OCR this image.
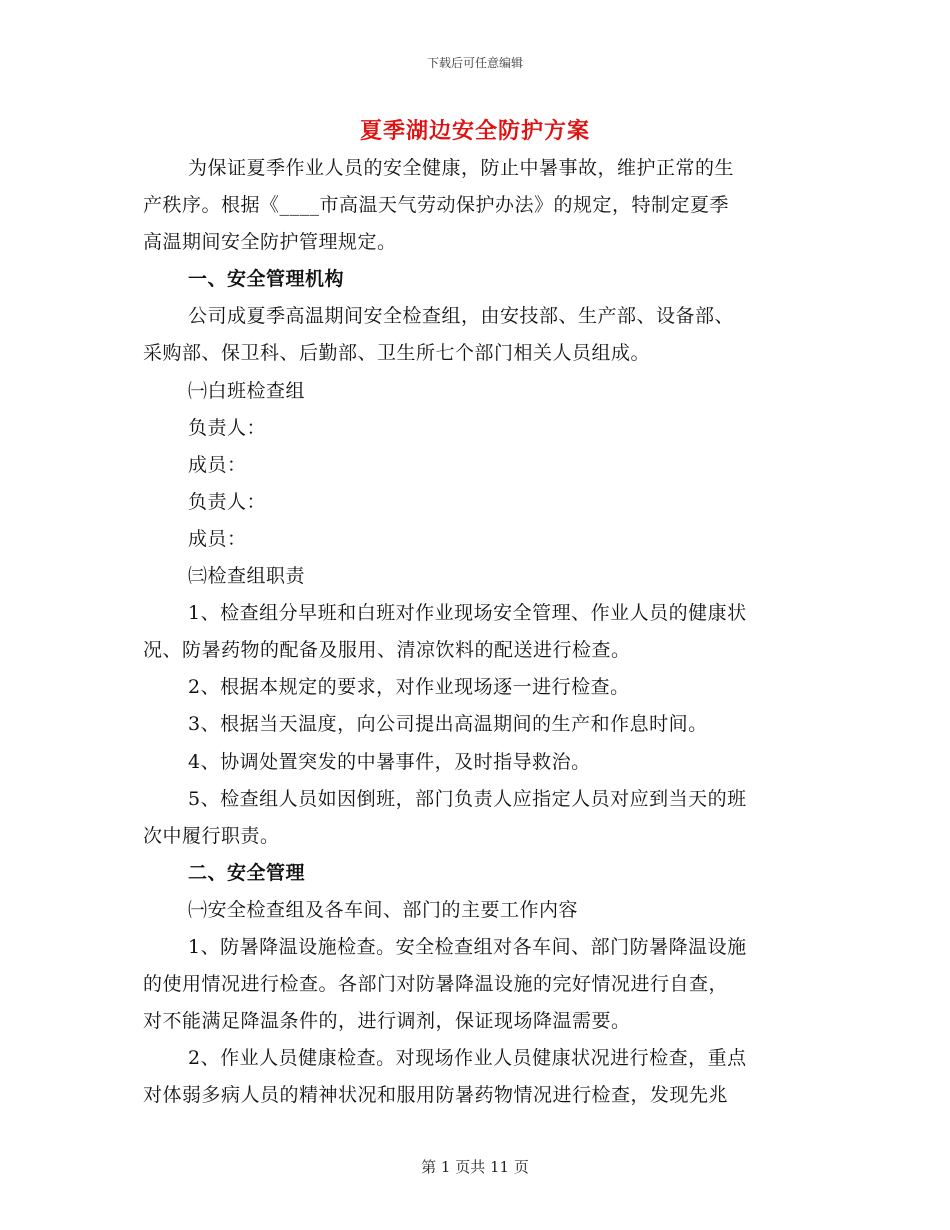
下载后可任意编辑
夏季湖边安全防护方案
为保证夏季作业人员的安全健康，防止中暑事故，维护正常的生
产秩序。根据《____市高温天气劳动保护办法》的规定，特制定夏季
高温期间安全防护管理规定。
一、安全管理机构
公司成夏季高温期间安全检查组，由安技部、生产部、设备部、
采购部、保卫科、后勤部、卫生所七个部门相关人员组成。
㈠白班检查组
负责人：
成员：
负责人：
成员：
㈢检查组职责
1、检查组分早班和白班对作业现场安全管理、作业人员的健康状
况、防暑药物的配备及服用、清凉饮料的配送进行检查。
2、根据本规定的要求，对作业现场逐一进行检查。
3、根据当天温度，向公司提出高温期间的生产和作息时间。
4、协调处置突发的中暑事件，及时指导救治。
5、检查组人员如因倒班，部门负责人应指定人员对应到当天的班
次中履行职责。
二、安全管理
㈠安全检查组及各车间、部门的主要工作内容
1、防暑降温设施检查。安全检查组对各车间、部门防暑降温设施
的使用情况进行检查。各部门对防暑降温设施的完好情况进行自查，
对不能满足降温条件的，进行调剂，保证现场降温需要。
2、作业人员健康检查。对现场作业人员健康状况进行检查，重点
对体弱多病人员的精神状况和服用防暑药物情况进行检查，发现先兆
第 1 页共 11 页
